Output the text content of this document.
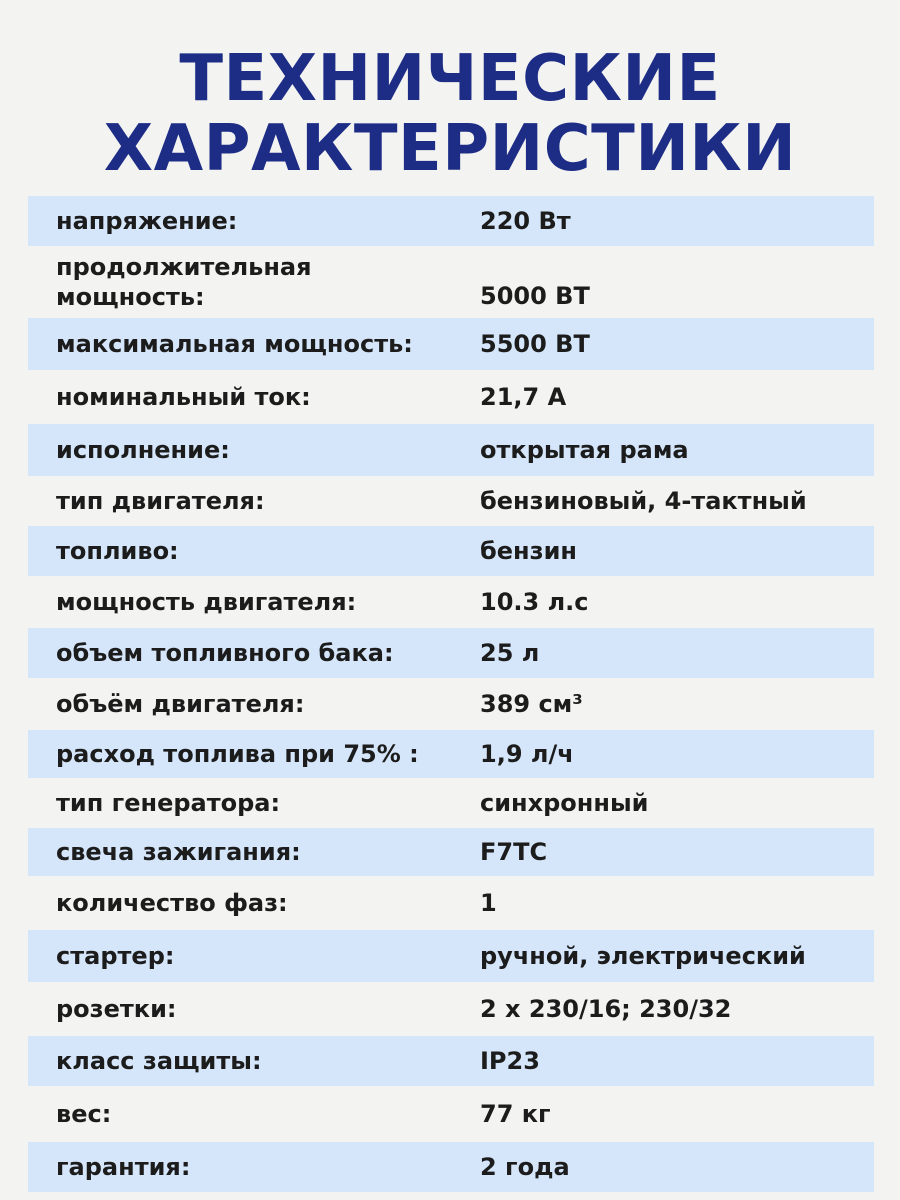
ТЕХНИЧЕСКИЕ
ХАРАКТЕРИСТИКИ
напряжение:	220 Вт
продолжительная
мощность:	5000 ВТ
максимальная мощность:	5500 ВТ
номинальный ток:	21,7 А
исполнение:	открытая рама
тип двигателя:	бензиновый, 4-тактный
топливо:	бензин
мощность двигателя:	10.3 л.с
объем топливного бака:	25 л
объём двигателя:	389 см³
расход топлива при 75% :	1,9 л/ч
тип генератора:	синхронный
свеча зажигания:	F7TC
количество фаз:	1
стартер:	ручной, электрический
розетки:	2 х 230/16; 230/32
класс защиты:	IP23
вес:	77 кг
гарантия:	2 года
